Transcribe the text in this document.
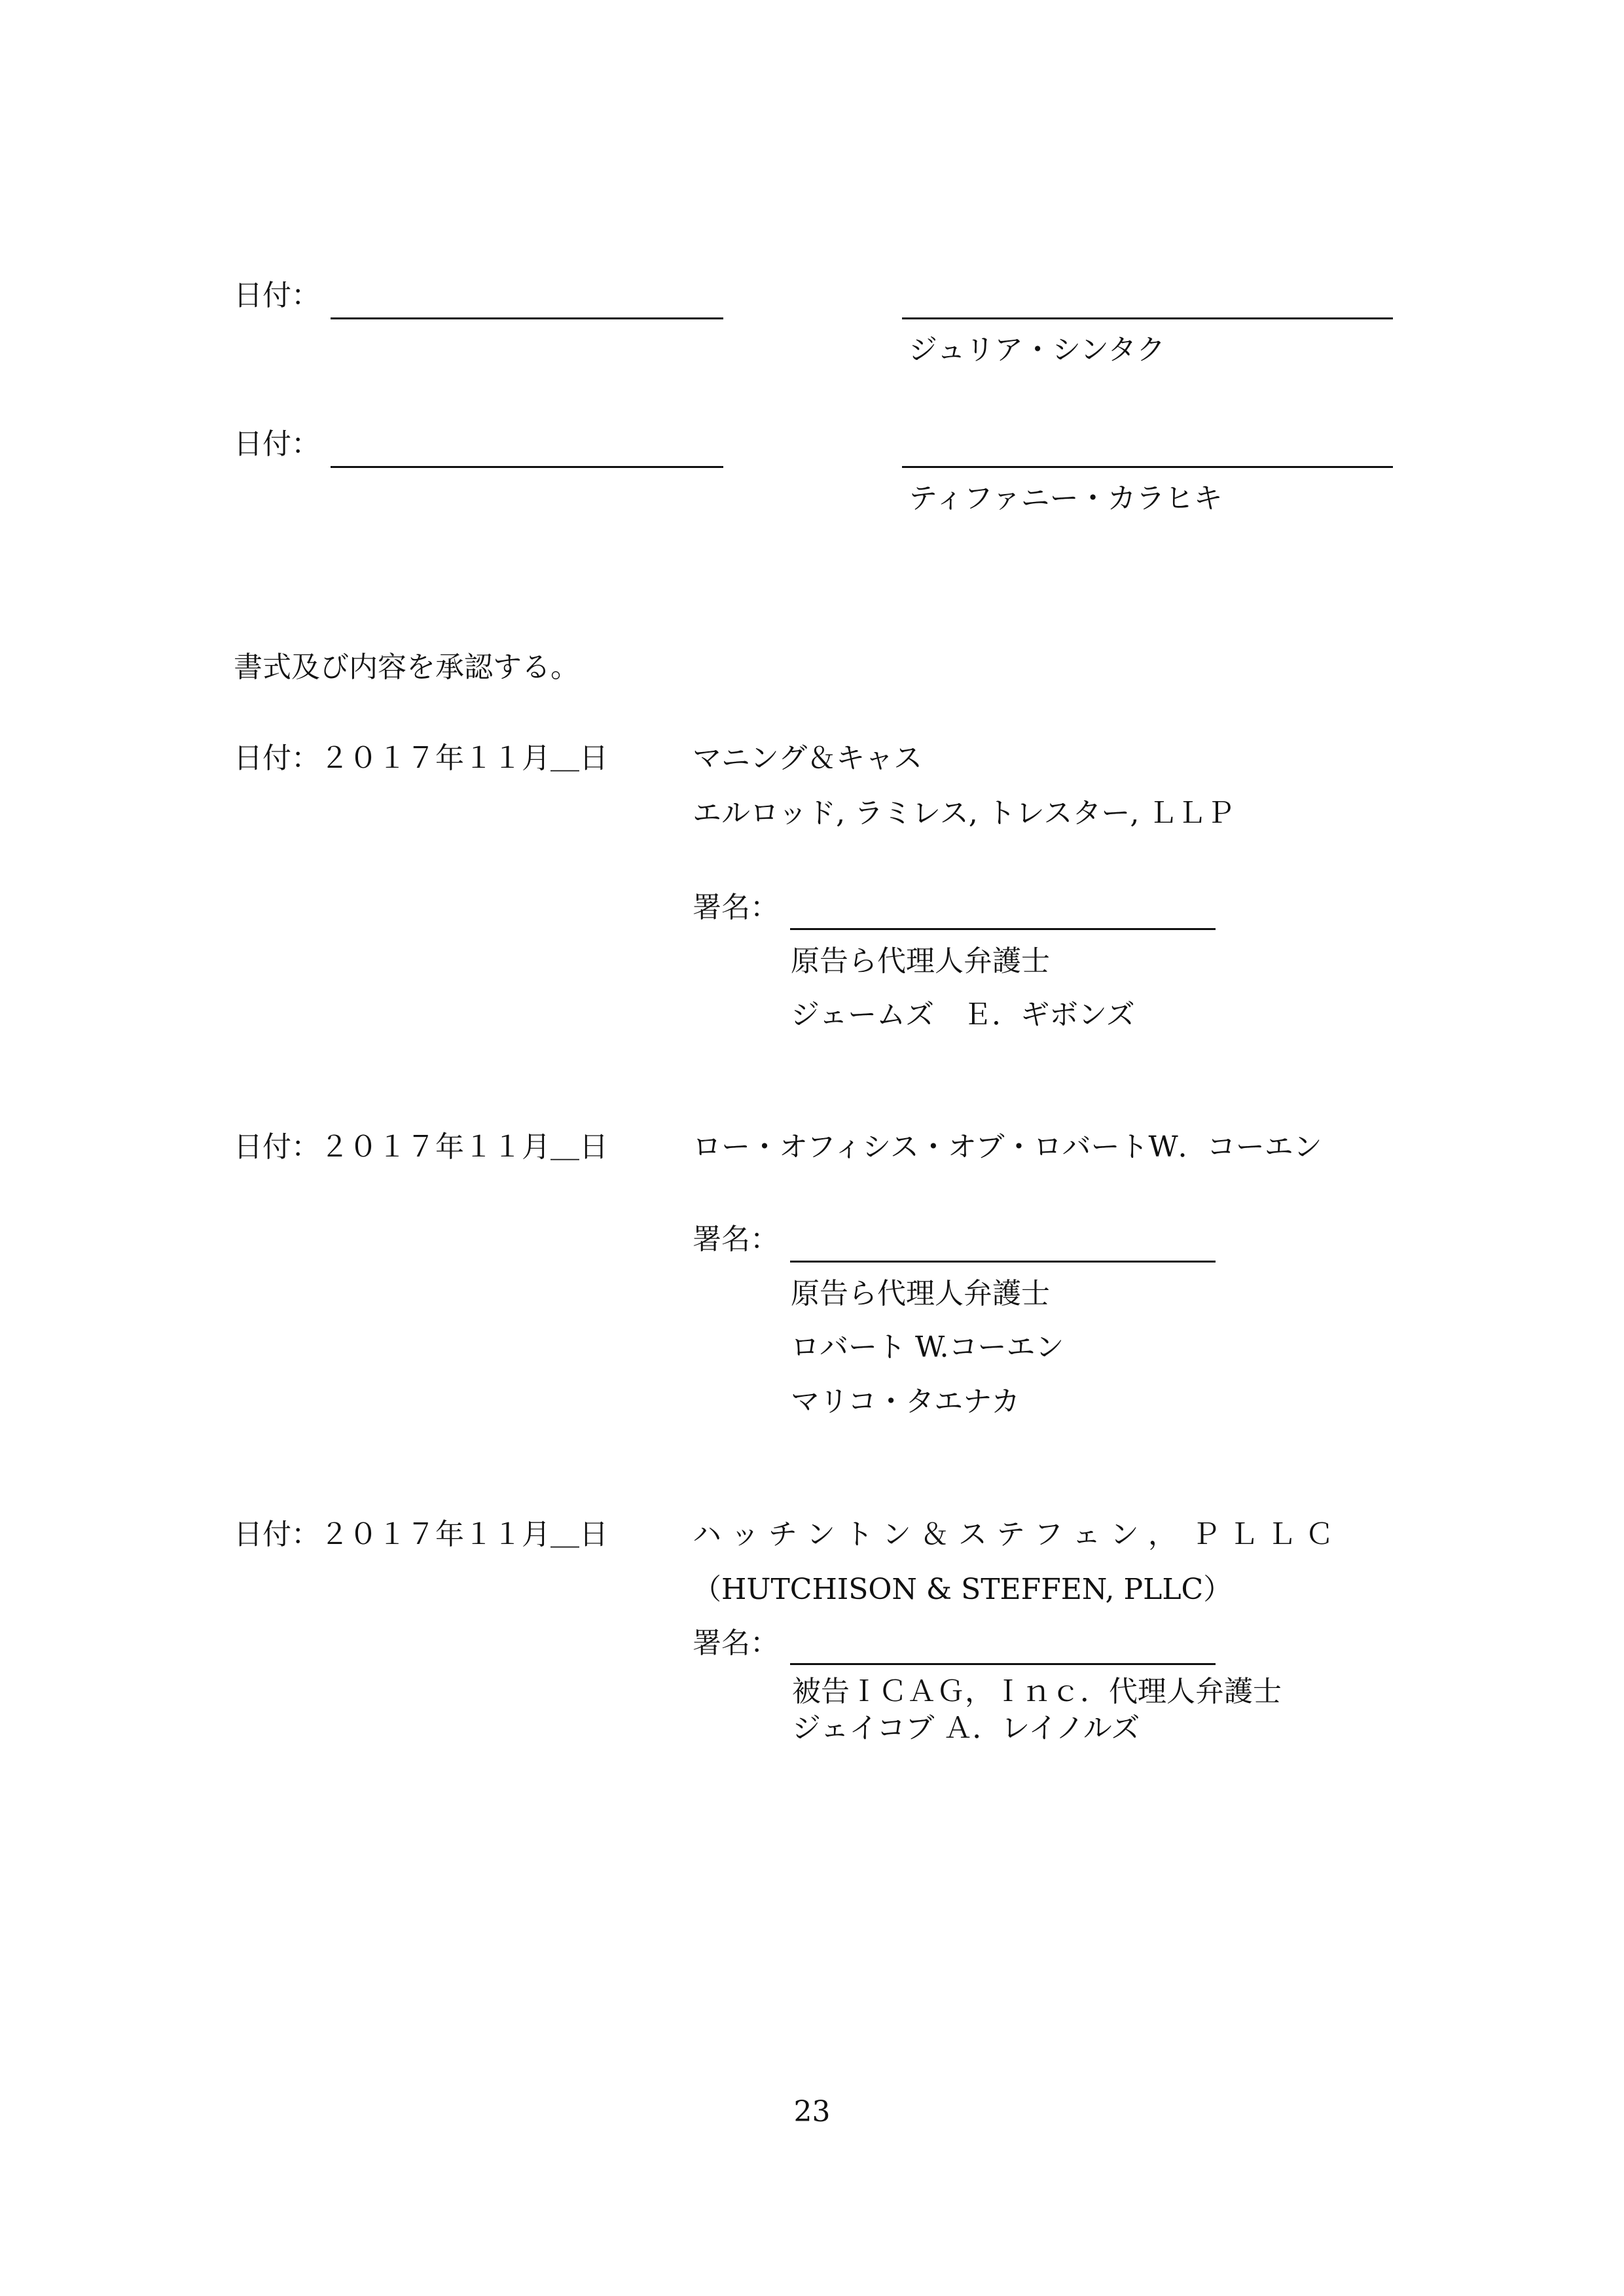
日付：
ジュリア・シンタク
日付：
ティファニー・カラヒキ
書式及び内容を承認する。
日付：２０１７年１１月＿日	マニング＆キャス
エルロッド, ラミレス, トレスター, ＬＬＰ
署名：
原告ら代理人弁護士
ジェームズ　Ｅ．ギボンズ
日付：２０１７年１１月＿日	ロー・オフィシス・オブ・ロバートW．コーエン
署名：
原告ら代理人弁護士
ロバート W.コーエン
マリコ・タエナカ
日付：２０１７年１１月＿日	ハ ッ チ ン ト ン ＆ ス テ フ ェ ン ，　Ｐ Ｌ Ｌ Ｃ
（HUTCHISON & STEFFEN, PLLC）
署名：
被告ＩＣＡＧ，Ｉｎｃ．代理人弁護士
ジェイコブ Ａ．レイノルズ
23
